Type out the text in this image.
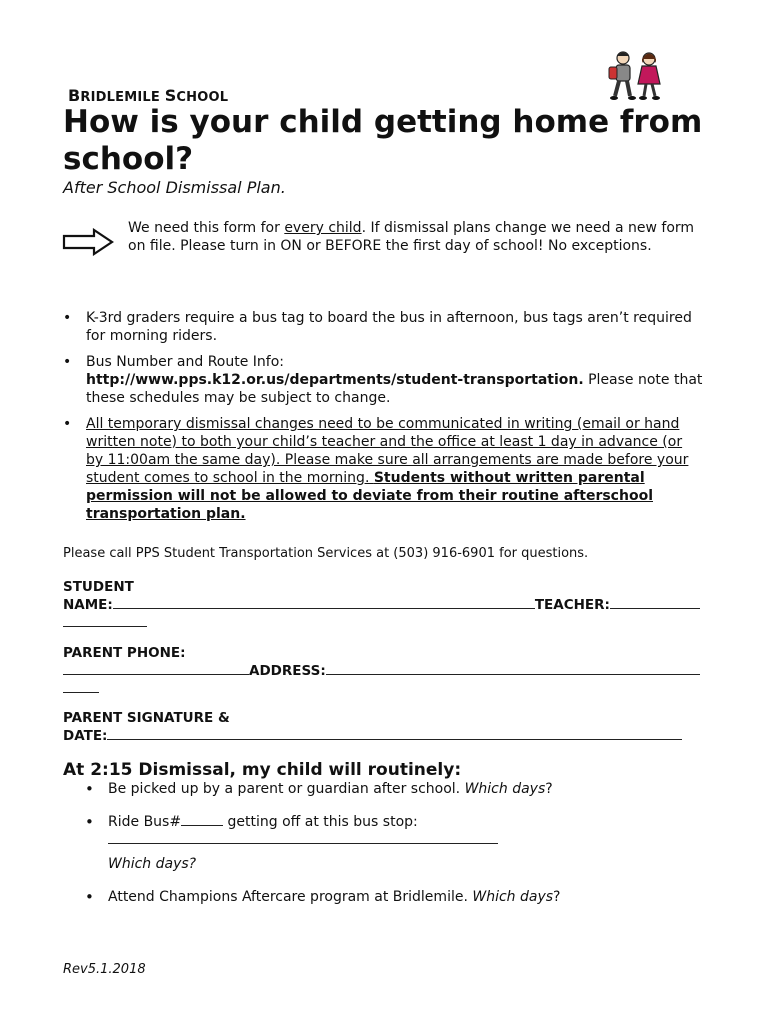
BRIDLEMILE SCHOOL
How is your child getting home from school?
After School Dismissal Plan.
We need this form for every child. If dismissal plans change we need a new form on file. Please turn in ON or BEFORE the first day of school! No exceptions.
• K-3rd graders require a bus tag to board the bus in afternoon, bus tags aren’t required for morning riders.
• Bus Number and Route Info:
http://www.pps.k12.or.us/departments/student-transportation. Please note that these schedules may be subject to change.
• All temporary dismissal changes need to be communicated in writing (email or hand written note) to both your child’s teacher and the office at least 1 day in advance (or by 11:00am the same day). Please make sure all arrangements are made before your student comes to school in the morning. Students without written parental permission will not be allowed to deviate from their routine afterschool transportation plan.
Please call PPS Student Transportation Services at (503) 916-6901 for questions.
STUDENT
NAME:	TEACHER:

PARENT PHONE:
ADDRESS:

PARENT SIGNATURE &
DATE:
At 2:15 Dismissal, my child will routinely:
• Be picked up by a parent or guardian after school. Which days?
• Ride Bus#	getting off at this bus stop:
Which days?
• Attend Champions Aftercare program at Bridlemile. Which days?
Rev5.1.2018
